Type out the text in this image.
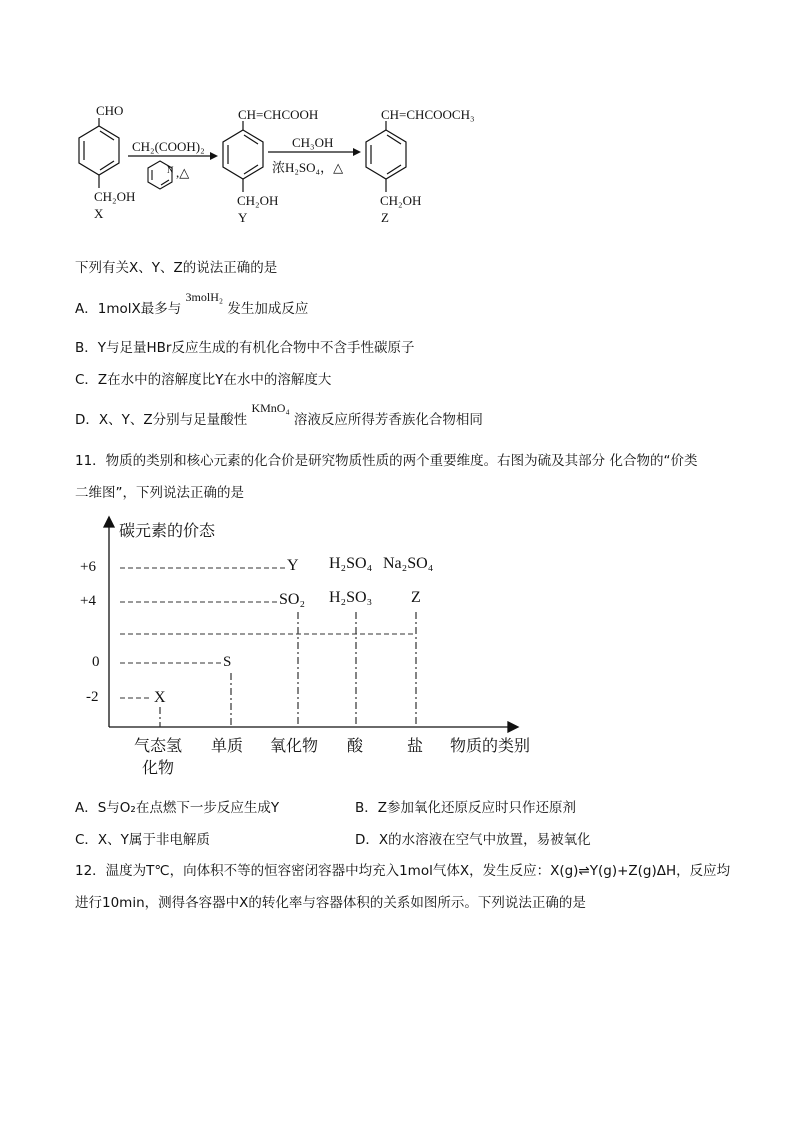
N
CHO
CH₂OH
X
CH₂(COOH)₂
,△
CH=CHCOOH
CH₂OH
Y
CH₃OH
浓H₂SO₄，△
CH=CHCOOCH₃
CH₂OH
Z
下列有关X、Y、Z的说法正确的是
A．1molX最多与 3molH₂ 发生加成反应
B．Y与足量HBr反应生成的有机化合物中不含手性碳原子
C．Z在水中的溶解度比Y在水中的溶解度大
D．X、Y、Z分别与足量酸性 KMnO₄ 溶液反应所得芳香族化合物相同
11．物质的类别和核心元素的化合价是研究物质性质的两个重要维度。右图为硫及其部分 化合物的“价类
二维图”，下列说法正确的是
碳元素的价态
+6
+4
0
-2
Y H₂SO₄ Na₂SO₄
SO₂ H₂SO₃ Z
S
X
气态氢
化物
单质 氧化物 酸	盐 物质的类别
A．S与O₂在点燃下一步反应生成Y	B．Z参加氧化还原反应时只作还原剂
C．X、Y属于非电解质	D．X的水溶液在空气中放置，易被氧化
12．温度为T℃，向体积不等的恒容密闭容器中均充入1mol气体X，发生反应：X(g)⇌Y(g)+Z(g)ΔH，反应均
进行10min，测得各容器中X的转化率与容器体积的关系如图所示。下列说法正确的是
